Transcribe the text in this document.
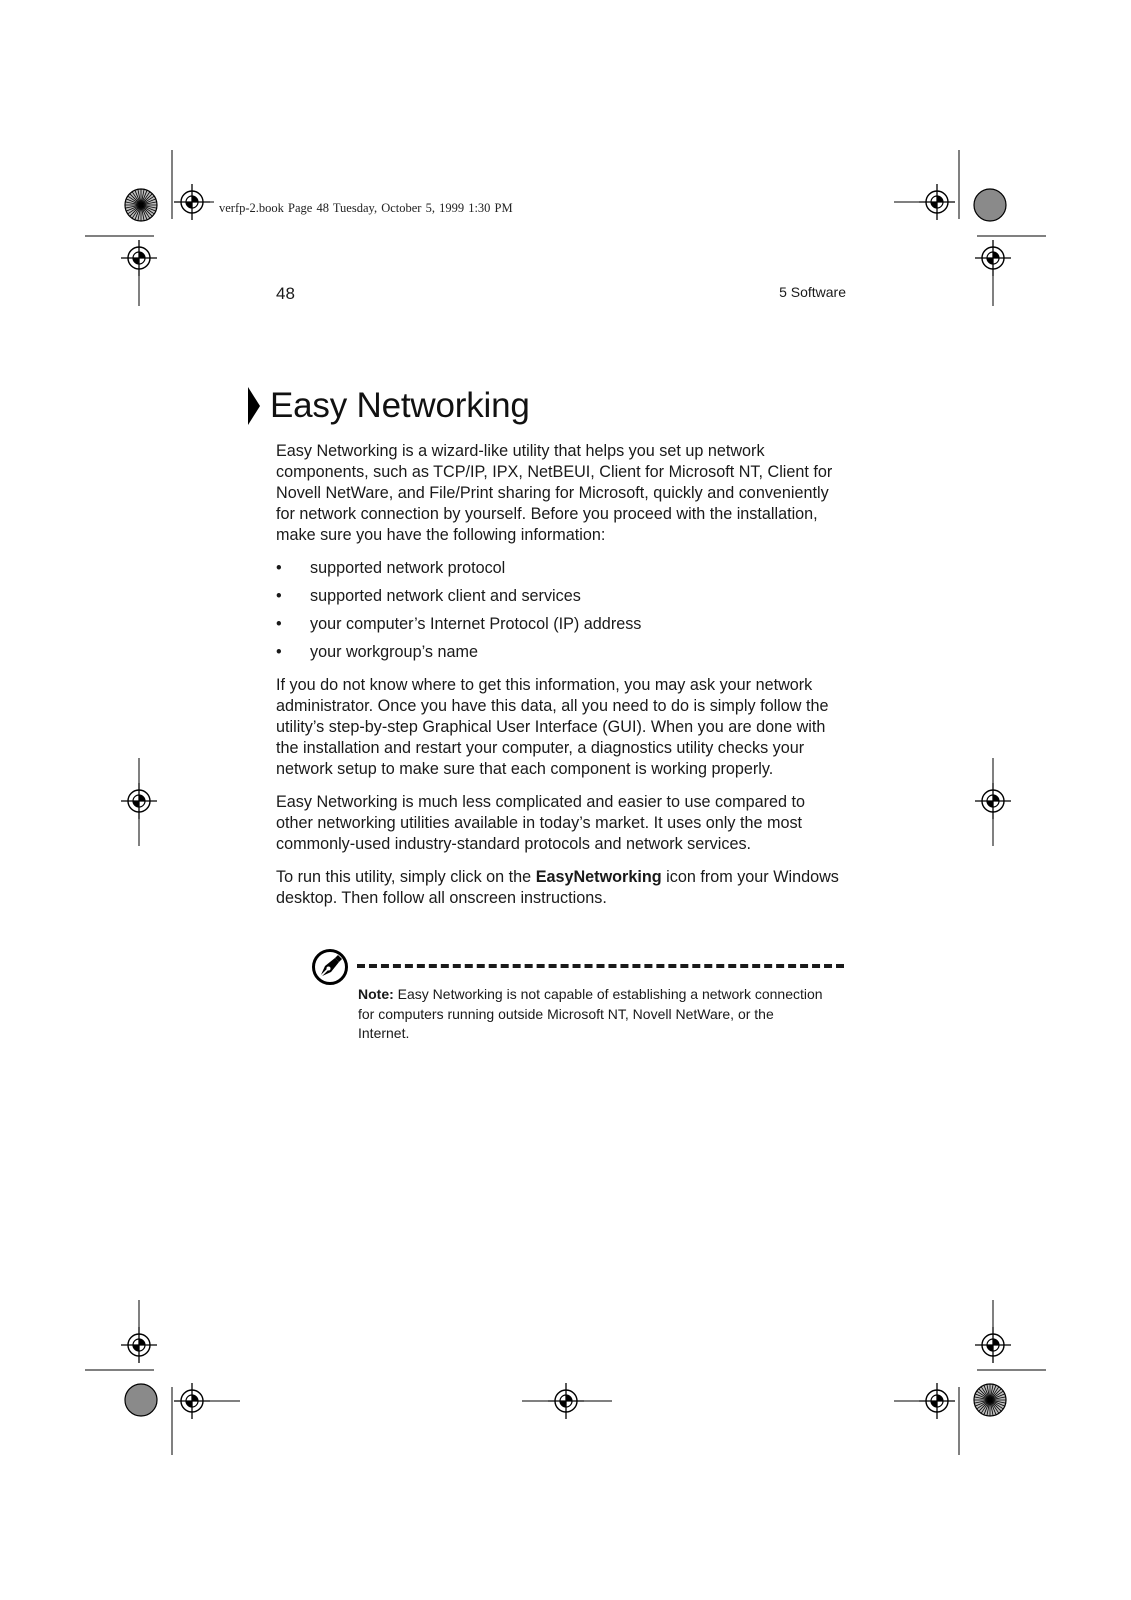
verfp-2.book Page 48 Tuesday, October 5, 1999 1:30 PM
48	5 Software
Easy Networking

Easy Networking is a wizard-like utility that helps you set up network components, such as TCP/IP, IPX, NetBEUI, Client for Microsoft NT, Client for Novell NetWare, and File/Print sharing for Microsoft, quickly and conveniently for network connection by yourself. Before you proceed with the installation, make sure you have the following information:

•	supported network protocol
•	supported network client and services
•	your computer’s Internet Protocol (IP) address
•	your workgroup’s name

If you do not know where to get this information, you may ask your network administrator. Once you have this data, all you need to do is simply follow the utility’s step-by-step Graphical User Interface (GUI). When you are done with the installation and restart your computer, a diagnostics utility checks your network setup to make sure that each component is working properly.

Easy Networking is much less complicated and easier to use compared to other networking utilities available in today’s market. It uses only the most commonly-used industry-standard protocols and network services.

To run this utility, simply click on the EasyNetworking icon from your Windows desktop. Then follow all onscreen instructions.

Note: Easy Networking is not capable of establishing a network connection for computers running outside Microsoft NT, Novell NetWare, or the Internet.
